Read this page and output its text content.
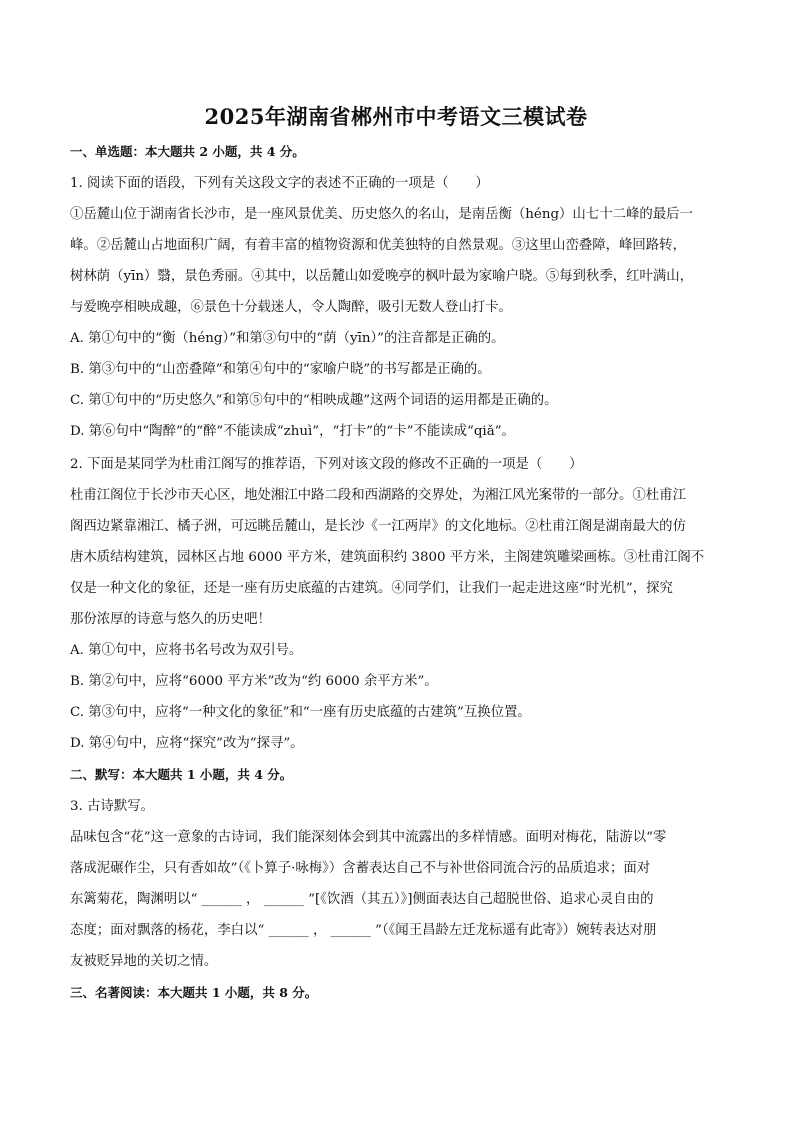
2025年湖南省郴州市中考语文三模试卷
一、单选题：本大题共 2 小题，共 4 分。
1. 阅读下面的语段，下列有关这段文字的表述不正确的一项是（　　）
①岳麓山位于湖南省长沙市，是一座风景优美、历史悠久的名山，是南岳衡（héng）山七十二峰的最后一
峰。②岳麓山占地面积广阔，有着丰富的植物资源和优美独特的自然景观。③这里山峦叠障，峰回路转，
树林荫（yīn）翳，景色秀丽。④其中，以岳麓山如爱晚亭的枫叶最为家喻户晓。⑤每到秋季，红叶满山，
与爱晚亭相映成趣，⑥景色十分载迷人，令人陶醉，吸引无数人登山打卡。
A. 第①句中的“衡（héng）”和第③句中的“荫（yīn）”的注音都是正确的。
B. 第③句中的“山峦叠障”和第④句中的“家喻户晓”的书写都是正确的。
C. 第①句中的“历史悠久”和第⑤句中的“相映成趣”这两个词语的运用都是正确的。
D. 第⑥句中“陶醉”的“醉”不能读成“zhuì”，“打卡”的“卡”不能读成“qiǎ”。
2. 下面是某同学为杜甫江阁写的推荐语，下列对该文段的修改不正确的一项是（　　）
杜甫江阁位于长沙市天心区，地处湘江中路二段和西湖路的交界处，为湘江风光案带的一部分。①杜甫江
阁西边紧靠湘江、橘子洲，可远眺岳麓山，是长沙《一江两岸》的文化地标。②杜甫江阁是湖南最大的仿
唐木质结构建筑，园林区占地 6000 平方米，建筑面积约 3800 平方米，主阁建筑雕梁画栋。③杜甫江阁不
仅是一种文化的象征，还是一座有历史底蕴的古建筑。④同学们，让我们一起走进这座“时光机”，探究
那份浓厚的诗意与悠久的历史吧！
A. 第①句中，应将书名号改为双引号。
B. 第②句中，应将“6000 平方米”改为“约 6000 余平方米”。
C. 第③句中，应将“一种文化的象征”和“一座有历史底蕴的古建筑”互换位置。
D. 第④句中，应将“探究”改为“探寻”。
二、默写：本大题共 1 小题，共 4 分。
3. 古诗默写。
品味包含“花”这一意象的古诗词，我们能深刻体会到其中流露出的多样情感。面明对梅花，陆游以“零
落成泥碾作尘，只有香如故”（《卜算子·咏梅》）含蓄表达自己不与补世俗同流合污的品质追求；面对
东篱菊花，陶渊明以“ ______ ， ______ ”[《饮酒（其五）》]侧面表达自己超脱世俗、追求心灵自由的
态度；面对飘落的杨花，李白以“ ______ ， ______ ”（《闻王昌龄左迁龙标遥有此寄》）婉转表达对朋
友被贬异地的关切之情。
三、名著阅读：本大题共 1 小题，共 8 分。
